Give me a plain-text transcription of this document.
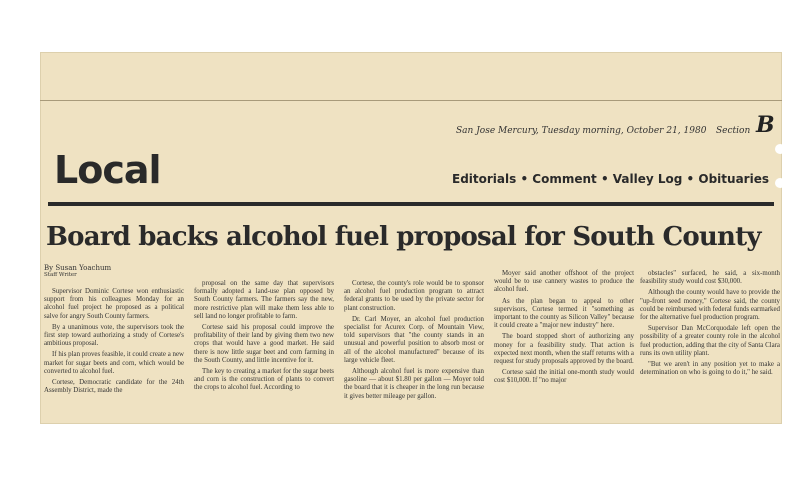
San Jose Mercury, Tuesday morning, October 21, 1980 Section B
Local	Editorials • Comment • Valley Log • Obituaries
Board backs alcohol fuel proposal for South County
By Susan Yoachum
Staff Writer

Supervisor Dominic Cortese won enthusiastic support from his colleagues Monday for an alcohol fuel project he proposed as a political salve for angry South County farmers.

By a unanimous vote, the supervisors took the first step toward authorizing a study of Cortese's ambitious proposal.

If his plan proves feasible, it could create a new market for sugar beets and corn, which would be converted to alcohol fuel.

Cortese, Democratic candidate for the 24th Assembly District, made the

proposal on the same day that supervisors formally adopted a land-use plan opposed by South County farmers. The farmers say the new, more restrictive plan will make them less able to sell land no longer profitable to farm.

Cortese said his proposal could improve the profitability of their land by giving them two new crops that would have a good market. He said there is now little sugar beet and corn farming in the South County, and little incentive for it.

The key to creating a market for the sugar beets and corn is the construction of plants to convert the crops to alcohol fuel. According to

Cortese, the county's role would be to sponsor an alcohol fuel production program to attract federal grants to be used by the private sector for plant construction.

Dr. Carl Moyer, an alcohol fuel production specialist for Acurex Corp. of Mountain View, told supervisors that "the county stands in an unusual and powerful position to absorb most or all of the alcohol manufactured" because of its large vehicle fleet.

Although alcohol fuel is more expensive than gasoline — about $1.80 per gallon — Moyer told the board that it is cheaper in the long run because it gives better mileage per gallon.

Moyer said another offshoot of the project would be to use cannery wastes to produce the alcohol fuel.

As the plan began to appeal to other supervisors, Cortese termed it "something as important to the county as Silicon Valley" because it could create a "major new industry" here.

The board stopped short of authorizing any money for a feasibility study. That action is expected next month, when the staff returns with a request for study proposals approved by the board.

Cortese said the initial one-month study would cost $10,000. If "no major

obstacles" surfaced, he said, a six-month feasibility study would cost $30,000.

Although the county would have to provide the "up-front seed money," Cortese said, the county could be reimbursed with federal funds earmarked for the alternative fuel production program.

Supervisor Dan McCorquodale left open the possibility of a greater county role in the alcohol fuel production, adding that the city of Santa Clara runs its own utility plant.

"But we aren't in any position yet to make a determination on who is going to do it," he said.
